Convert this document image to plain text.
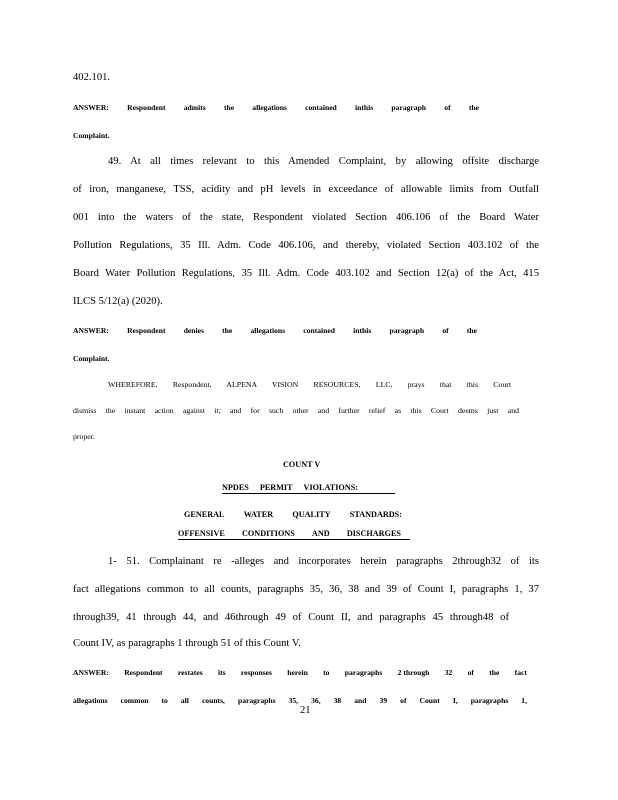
402.101.
ANSWER: Respondent admits the allegations contained inthis paragraph of the
Complaint.
49. At all times relevant to this Amended Complaint, by allowing offsite discharge
of iron, manganese, TSS, acidity and pH levels in exceedance of allowable limits from Outfall
001 into the waters of the state, Respondent violated Section 406.106 of the Board Water
Pollution Regulations, 35 Ill. Adm. Code 406.106, and thereby, violated Section 403.102 of the
Board Water Pollution Regulations, 35 Ill. Adm. Code 403.102 and Section 12(a) of the Act, 415
ILCS 5/12(a) (2020).
ANSWER: Respondent denies the allegations contained inthis paragraph of the
Complaint.
WHEREFORE, Respondent, ALPENA VISION RESOURCES, LLC, prays that this Court
dismiss the instant action against it; and for such other and further relief as this Court deems just and
proper.
COUNT V
NPDES PERMIT VIOLATIONS:
GENERAL WATER QUALITY STANDARDS:
OFFENSIVE CONDITIONS AND DISCHARGES
1- 51. Complainant re -alleges and incorporates herein paragraphs 2through32 of its
fact allegations common to all counts, paragraphs 35, 36, 38 and 39 of Count I, paragraphs 1, 37
through39, 41 through 44, and 46through 49 of Count II, and paragraphs 45 through48 of
Count IV, as paragraphs 1 through 51 of this Count V.
ANSWER: Respondent restates its responses herein to paragraphs 2 through 32 of the fact
allegations common to all counts, paragraphs 35, 36, 38 and 39 of Count I, paragraphs 1,
21
